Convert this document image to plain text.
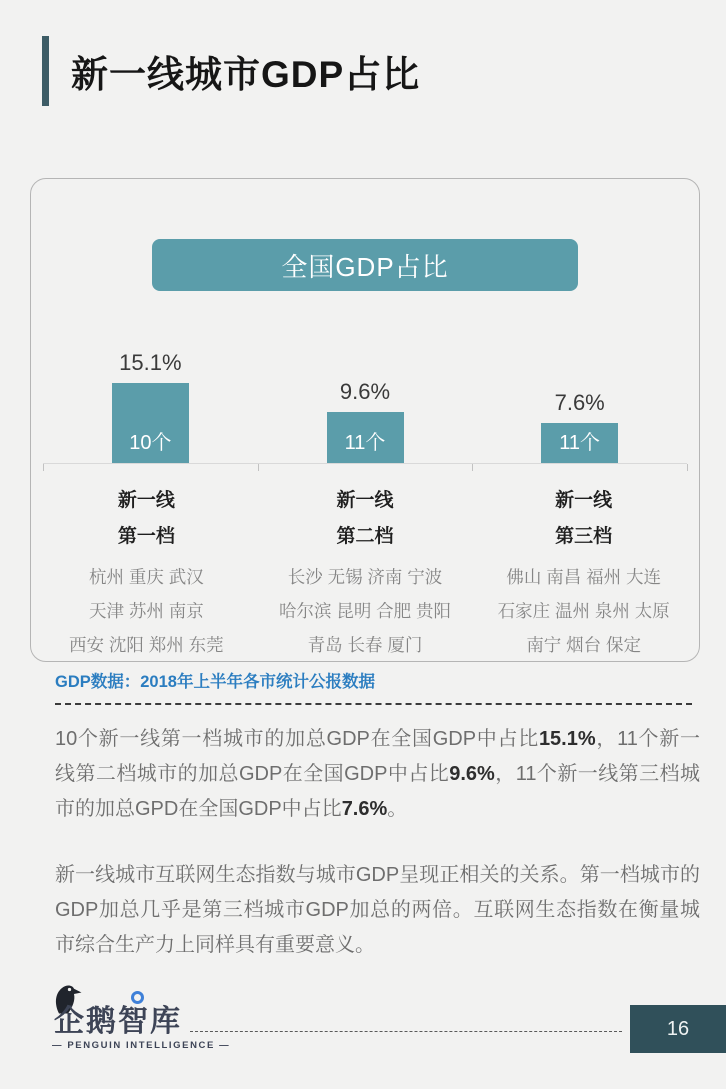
新一线城市GDP占比
全国GDP占比
15.1%
10个
9.6%
11个
7.6%
11个
新一线
第一档
杭州 重庆 武汉
天津 苏州 南京
西安 沈阳 郑州 东莞
新一线
第二档
长沙 无锡 济南 宁波
哈尔滨 昆明 合肥 贵阳
青岛 长春 厦门
新一线
第三档
佛山 南昌 福州 大连
石家庄 温州 泉州 太原
南宁 烟台 保定
GDP数据：2018年上半年各市统计公报数据

10个新一线第一档城市的加总GDP在全国GDP中占比15.1%，11个新一线第二档城市的加总GDP在全国GDP中占比9.6%，11个新一线第三档城市的加总GPD在全国GDP中占比7.6%。

新一线城市互联网生态指数与城市GDP呈现正相关的关系。第一档城市的GDP加总几乎是第三档城市GDP加总的两倍。互联网生态指数在衡量城市综合生产力上同样具有重要意义。

企鹅智库
— PENGUIN INTELLIGENCE —
16
